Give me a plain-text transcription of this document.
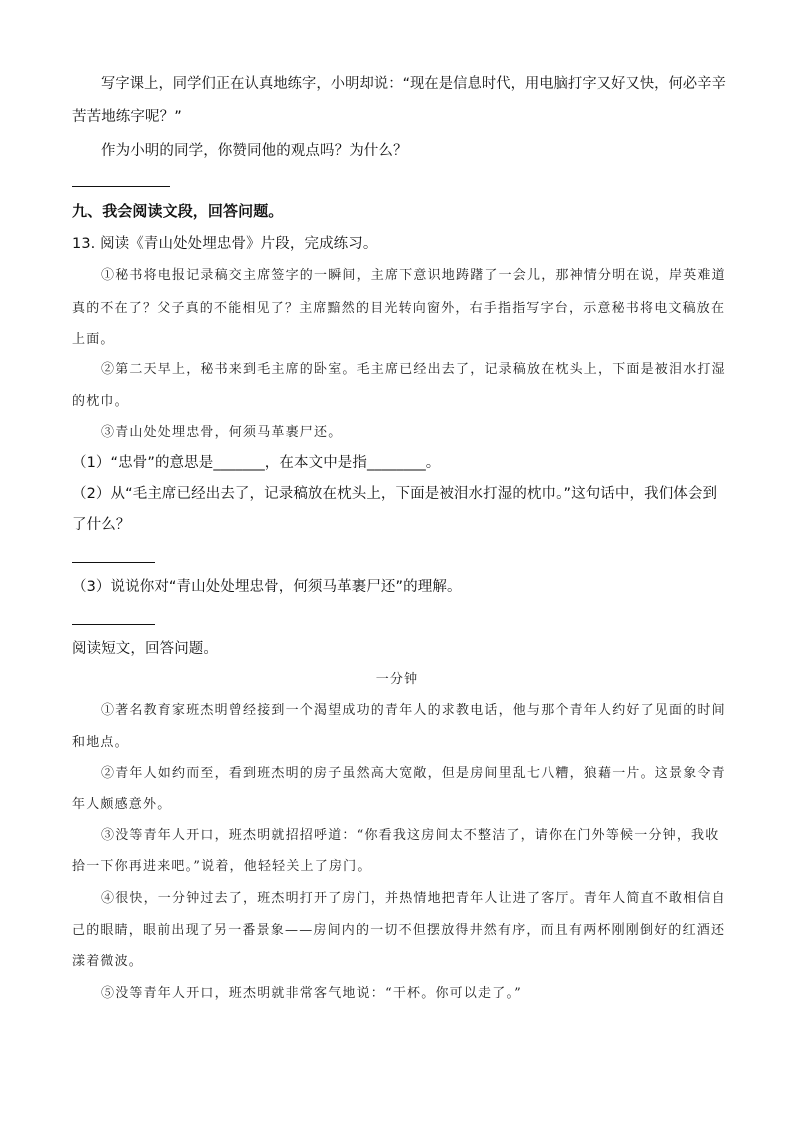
写字课上，同学们正在认真地练字，小明却说：“现在是信息时代，用电脑打字又好又快，何必辛辛
苦苦地练字呢？”
作为小明的同学，你赞同他的观点吗？为什么？
九、我会阅读文段，回答问题。
13. 阅读《青山处处埋忠骨》片段，完成练习。
①秘书将电报记录稿交主席签字的一瞬间，主席下意识地踌躇了一会儿，那神情分明在说，岸英难道
真的不在了？父子真的不能相见了？主席黯然的目光转向窗外，右手指指写字台，示意秘书将电文稿放在
上面。
②第二天早上，秘书来到毛主席的卧室。毛主席已经出去了，记录稿放在枕头上，下面是被泪水打湿
的枕巾。
③青山处处埋忠骨，何须马革裹尸还。
（1）“忠骨”的意思是_______，在本文中是指________。
（2）从“毛主席已经出去了，记录稿放在枕头上，下面是被泪水打湿的枕巾。”这句话中，我们体会到
了什么？
（3）说说你对“青山处处埋忠骨，何须马革裹尸还”的理解。
阅读短文，回答问题。
一分钟
①著名教育家班杰明曾经接到一个渴望成功的青年人的求教电话，他与那个青年人约好了见面的时间
和地点。
②青年人如约而至，看到班杰明的房子虽然高大宽敞，但是房间里乱七八糟，狼藉一片。这景象令青
年人颇感意外。
③没等青年人开口，班杰明就招招呼道：“你看我这房间太不整洁了，请你在门外等候一分钟，我收
拾一下你再进来吧。”说着，他轻轻关上了房门。
④很快，一分钟过去了，班杰明打开了房门，并热情地把青年人让进了客厅。青年人简直不敢相信自
己的眼睛，眼前出现了另一番景象——房间内的一切不但摆放得井然有序，而且有两杯刚刚倒好的红酒还
漾着微波。
⑤没等青年人开口，班杰明就非常客气地说：“干杯。你可以走了。”
